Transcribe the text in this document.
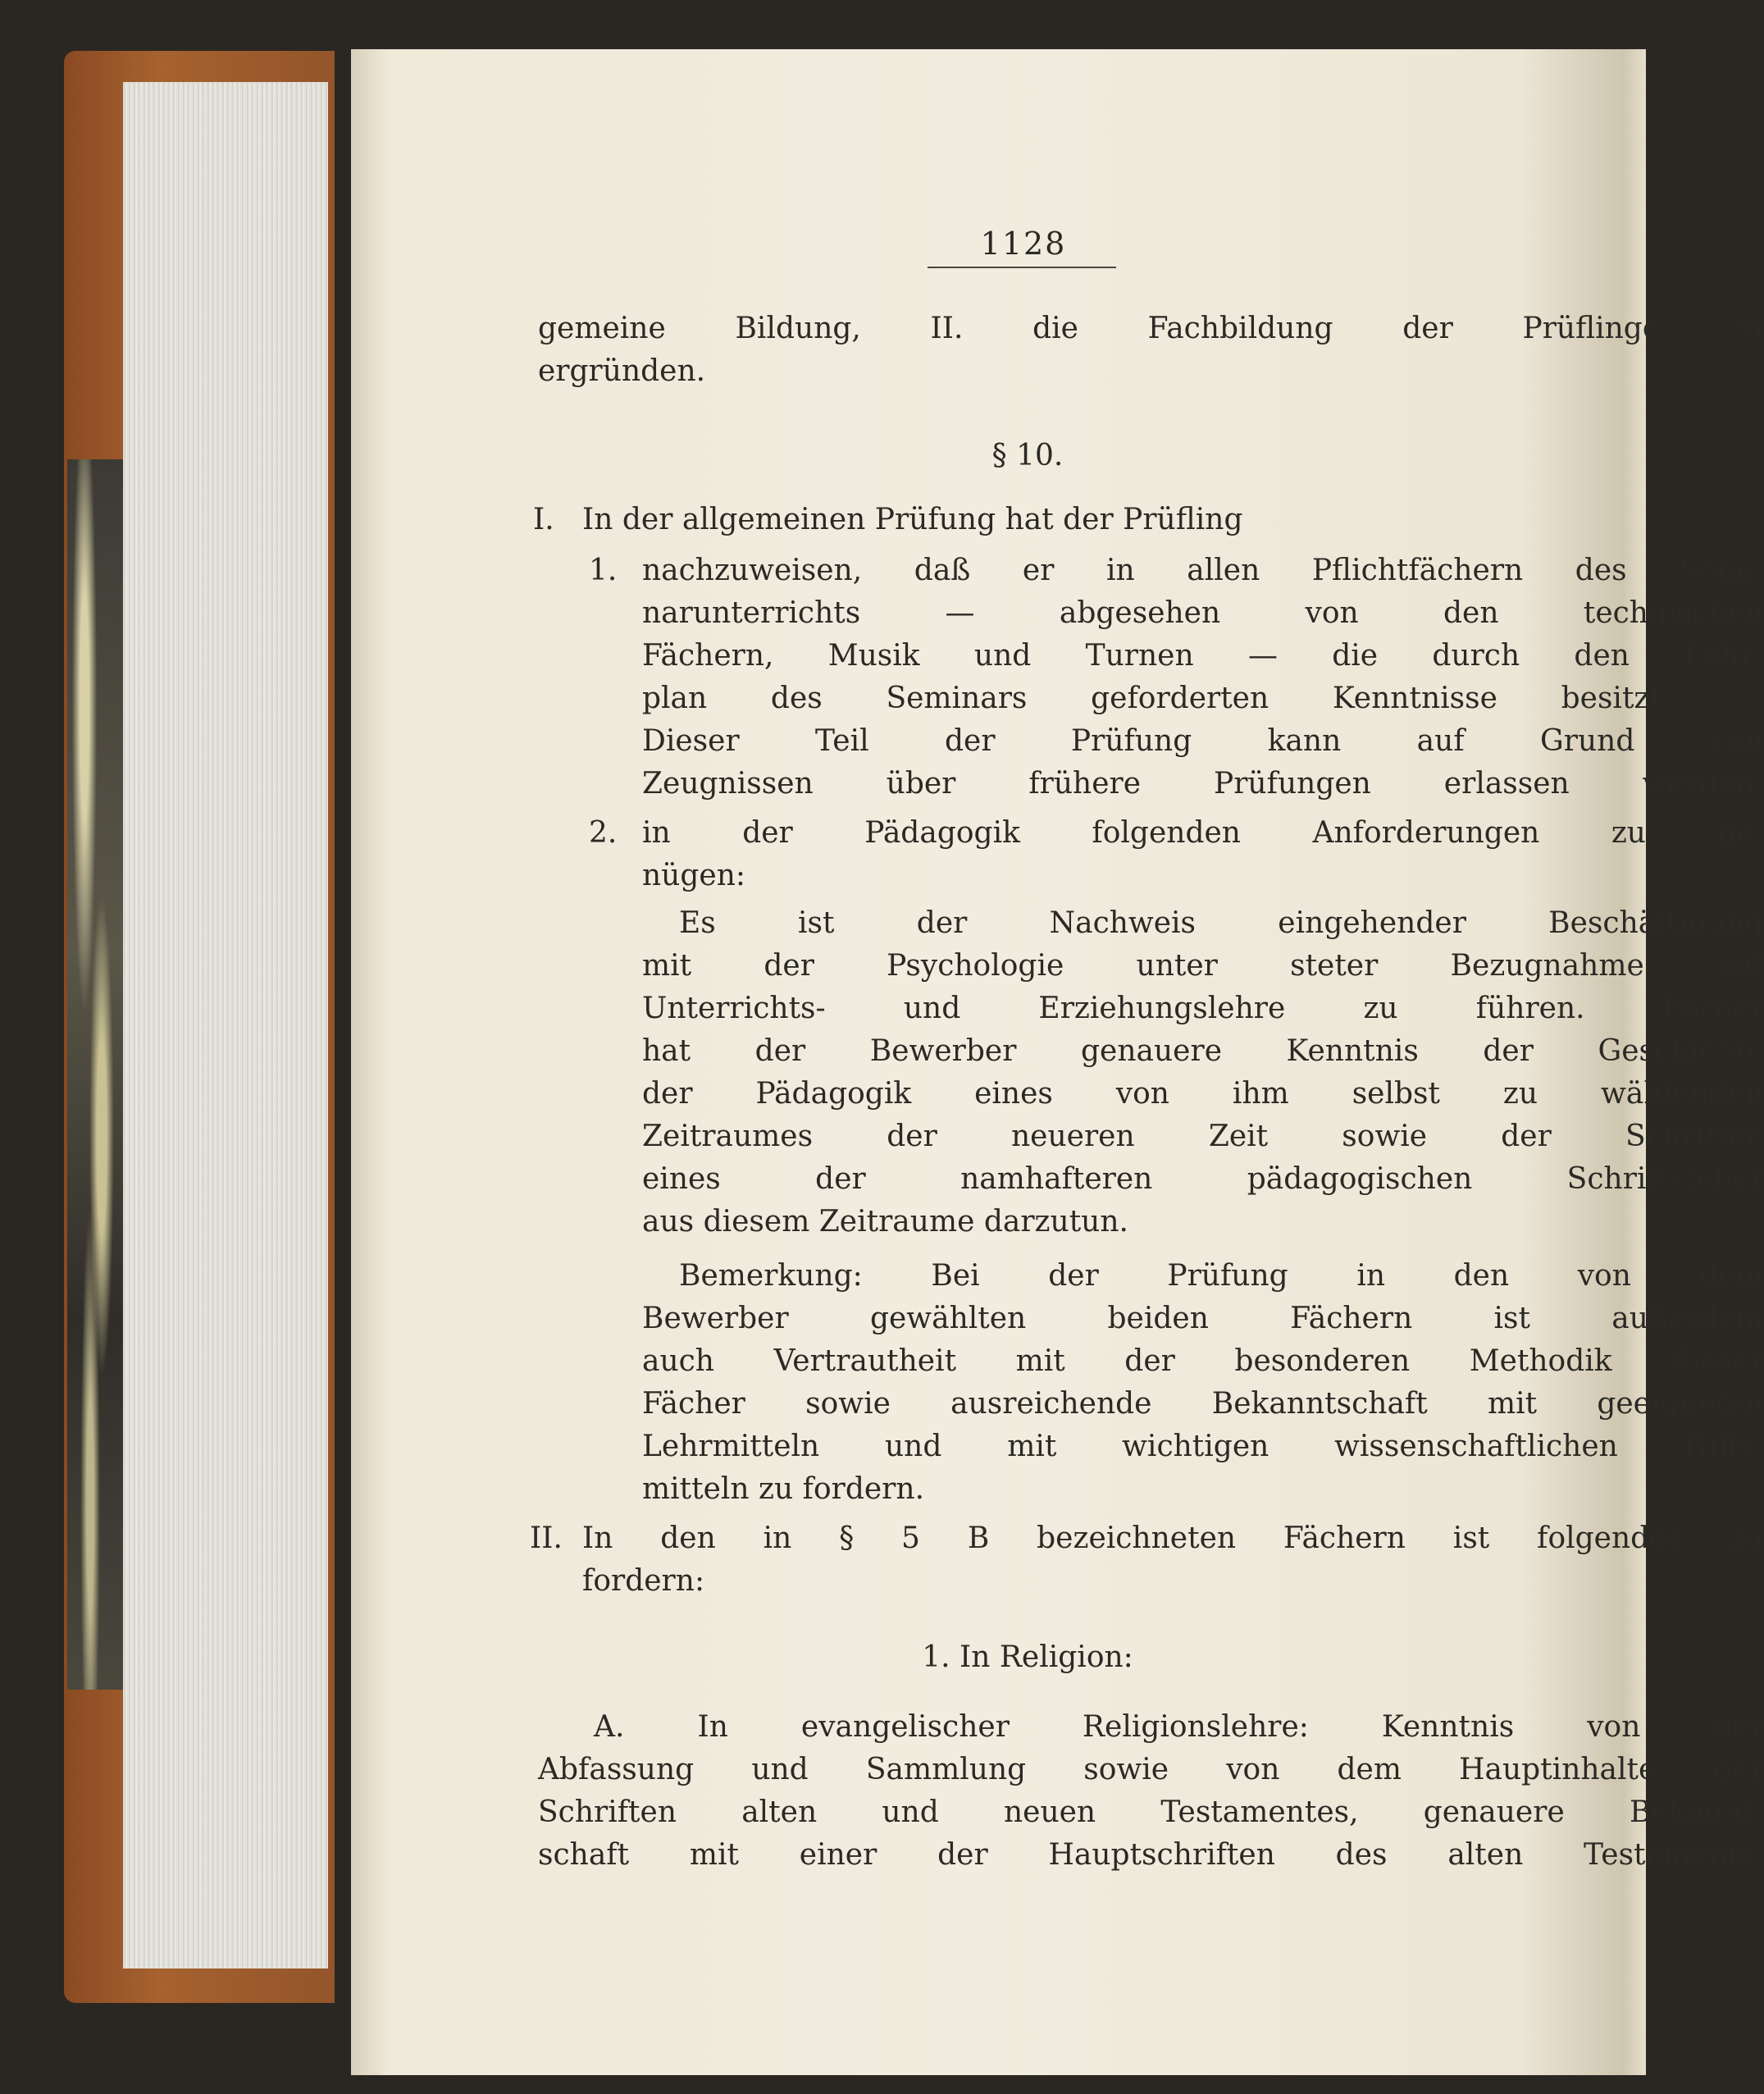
1128
gemeine Bildung, II. die Fachbildung der Prüflinge zu
ergründen.
§ 10.
I. In der allgemeinen Prüfung hat der Prüfling
1. nachzuweisen, daß er in allen Pflichtfächern des Semi-
narunterrichts — abgesehen von den technischen
Fächern, Musik und Turnen — die durch den Lehr-
plan des Seminars geforderten Kenntnisse besitzt. —
Dieser Teil der Prüfung kann auf Grund von
Zeugnissen über frühere Prüfungen erlassen werden.
2. in der Pädagogik folgenden Anforderungen zu ge-
nügen:
Es ist der Nachweis eingehender Beschäftigung
mit der Psychologie unter steter Bezugnahme auf
Unterrichts- und Erziehungslehre zu führen. Ferner
hat der Bewerber genauere Kenntnis der Geschichte
der Pädagogik eines von ihm selbst zu wählenden
Zeitraumes der neueren Zeit sowie der Schriften
eines der namhafteren pädagogischen Schriftsteller
aus diesem Zeitraume darzutun.
Bemerkung: Bei der Prüfung in den von dem
Bewerber gewählten beiden Fächern ist außerdem
auch Vertrautheit mit der besonderen Methodik dieser
Fächer sowie ausreichende Bekanntschaft mit geeigneten
Lehrmitteln und mit wichtigen wissenschaftlichen Hilfs-
mitteln zu fordern.
II. In den in § 5 B bezeichneten Fächern ist folgendes zu
fordern:
1. In Religion:
A. In evangelischer Religionslehre: Kenntnis von der
Abfassung und Sammlung sowie von dem Hauptinhalte der
Schriften alten und neuen Testamentes, genauere Bekannt-
schaft mit einer der Hauptschriften des alten Testaments,
